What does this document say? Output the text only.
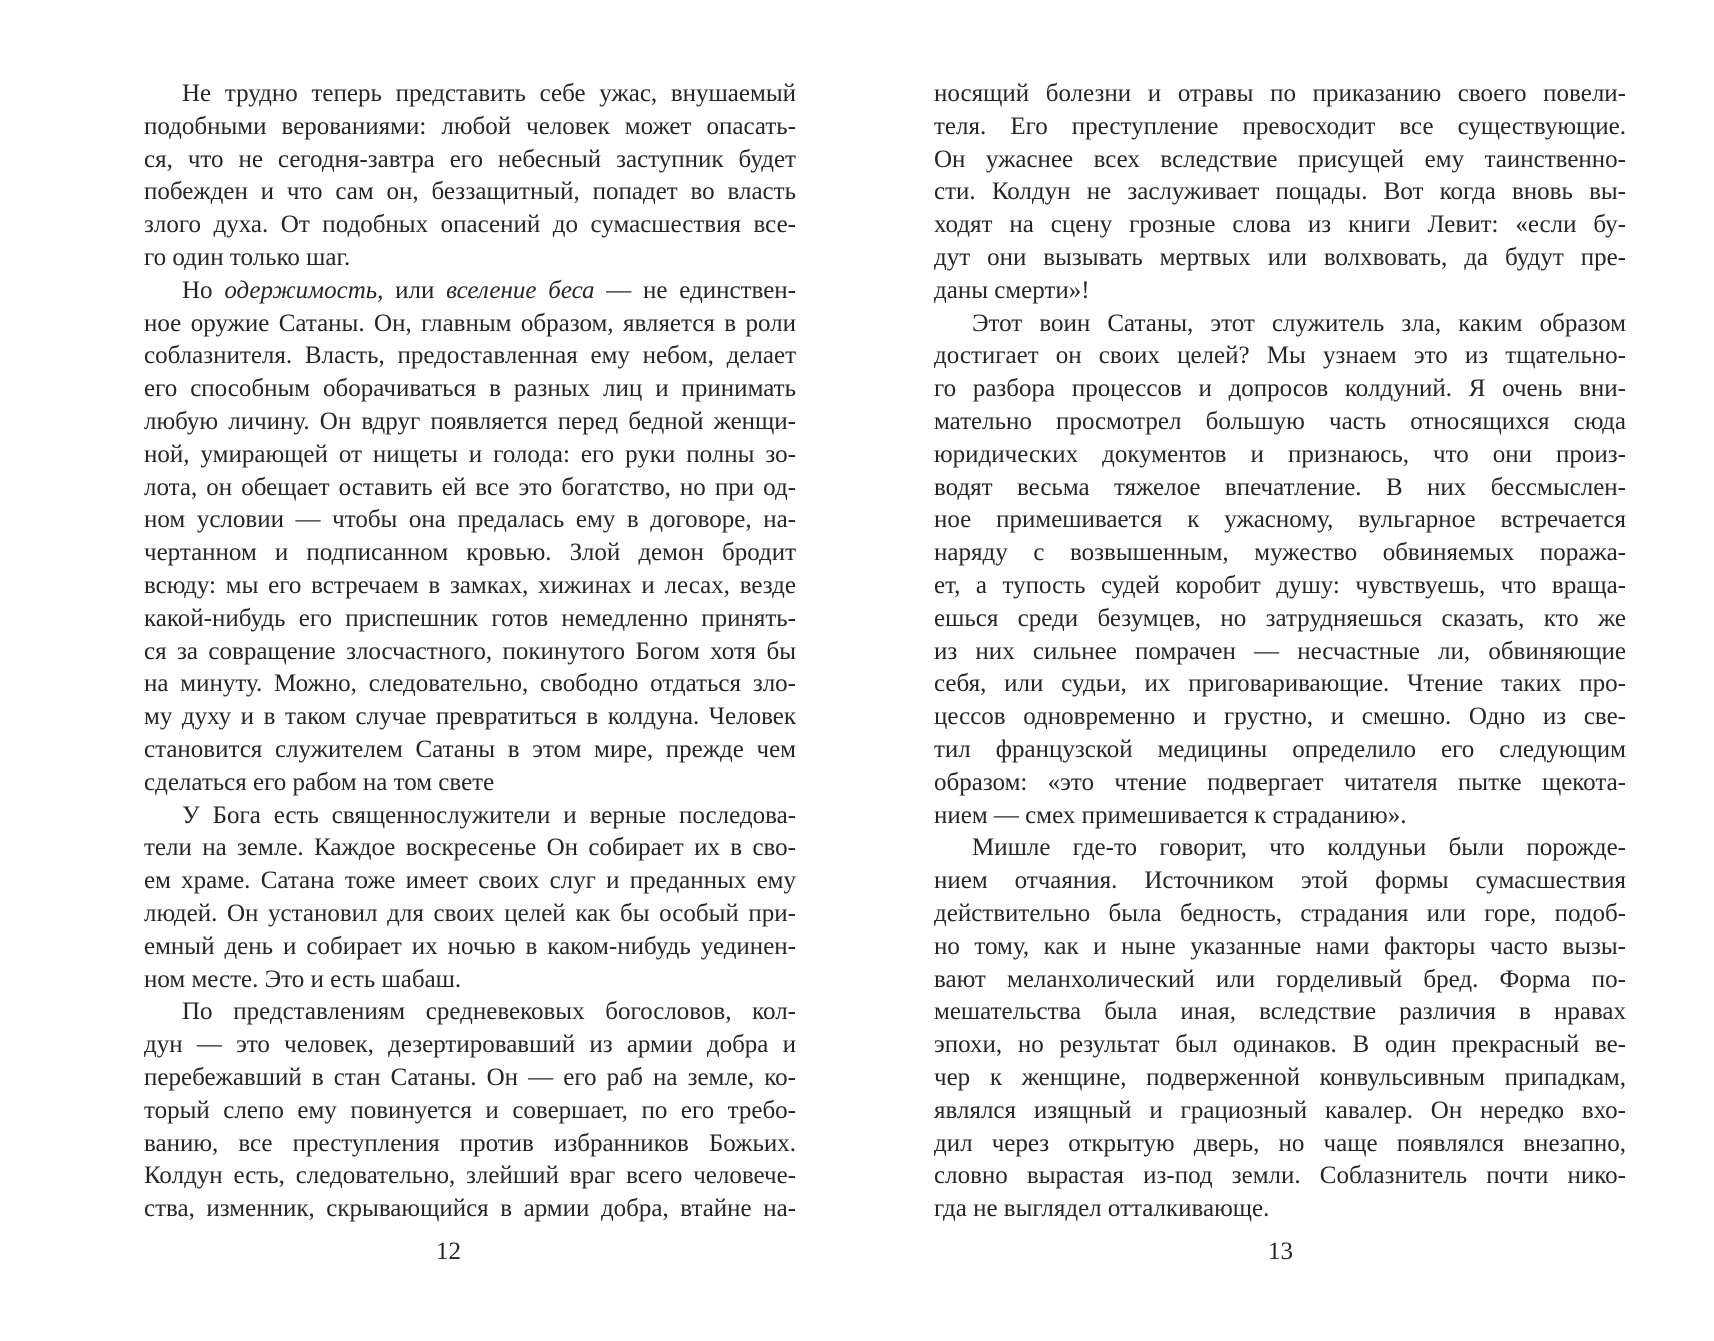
Не трудно теперь представить себе ужас, внушаемый
подобными верованиями: любой человек может опасать-
ся, что не сегодня-завтра его небесный заступник будет
побежден и что сам он, беззащитный, попадет во власть
злого духа. От подобных опасений до сумасшествия все-
го один только шаг.
Но одержимость, или вселение беса — не единствен-
ное оружие Сатаны. Он, главным образом, является в роли
соблазнителя. Власть, предоставленная ему небом, делает
его способным оборачиваться в разных лиц и принимать
любую личину. Он вдруг появляется перед бедной женщи-
ной, умирающей от нищеты и голода: его руки полны зо-
лота, он обещает оставить ей все это богатство, но при од-
ном условии — чтобы она предалась ему в договоре, на-
чертанном и подписанном кровью. Злой демон бродит
всюду: мы его встречаем в замках, хижинах и лесах, везде
какой-нибудь его приспешник готов немедленно принять-
ся за совращение злосчастного, покинутого Богом хотя бы
на минуту. Можно, следовательно, свободно отдаться зло-
му духу и в таком случае превратиться в колдуна. Человек
становится служителем Сатаны в этом мире, прежде чем
сделаться его рабом на том свете
У Бога есть священнослужители и верные последова-
тели на земле. Каждое воскресенье Он собирает их в сво-
ем храме. Сатана тоже имеет своих слуг и преданных ему
людей. Он установил для своих целей как бы особый при-
емный день и собирает их ночью в каком-нибудь уединен-
ном месте. Это и есть шабаш.
По представлениям средневековых богословов, кол-
дун — это человек, дезертировавший из армии добра и
перебежавший в стан Сатаны. Он — его раб на земле, ко-
торый слепо ему повинуется и совершает, по его требо-
ванию, все преступления против избранников Божьих.
Колдун есть, следовательно, злейший враг всего человече-
ства, изменник, скрывающийся в армии добра, втайне на-
носящий болезни и отравы по приказанию своего повели-
теля. Его преступление превосходит все существующие.
Он ужаснее всех вследствие присущей ему таинственно-
сти. Колдун не заслуживает пощады. Вот когда вновь вы-
ходят на сцену грозные слова из книги Левит: «если бу-
дут они вызывать мертвых или волхвовать, да будут пре-
даны смерти»!
Этот воин Сатаны, этот служитель зла, каким образом
достигает он своих целей? Мы узнаем это из тщательно-
го разбора процессов и допросов колдуний. Я очень вни-
мательно просмотрел большую часть относящихся сюда
юридических документов и признаюсь, что они произ-
водят весьма тяжелое впечатление. В них бессмыслен-
ное примешивается к ужасному, вульгарное встречается
наряду с возвышенным, мужество обвиняемых поража-
ет, а тупость судей коробит душу: чувствуешь, что враща-
ешься среди безумцев, но затрудняешься сказать, кто же
из них сильнее помрачен — несчастные ли, обвиняющие
себя, или судьи, их приговаривающие. Чтение таких про-
цессов одновременно и грустно, и смешно. Одно из све-
тил французской медицины определило его следующим
образом: «это чтение подвергает читателя пытке щекота-
нием — смех примешивается к страданию».
Мишле где-то говорит, что колдуньи были порожде-
нием отчаяния. Источником этой формы сумасшествия
действительно была бедность, страдания или горе, подоб-
но тому, как и ныне указанные нами факторы часто вызы-
вают меланхолический или горделивый бред. Форма по-
мешательства была иная, вследствие различия в нравах
эпохи, но результат был одинаков. В один прекрасный ве-
чер к женщине, подверженной конвульсивным припадкам,
являлся изящный и грациозный кавалер. Он нередко вхо-
дил через открытую дверь, но чаще появлялся внезапно,
словно вырастая из-под земли. Соблазнитель почти нико-
гда не выглядел отталкивающе.
12	13
